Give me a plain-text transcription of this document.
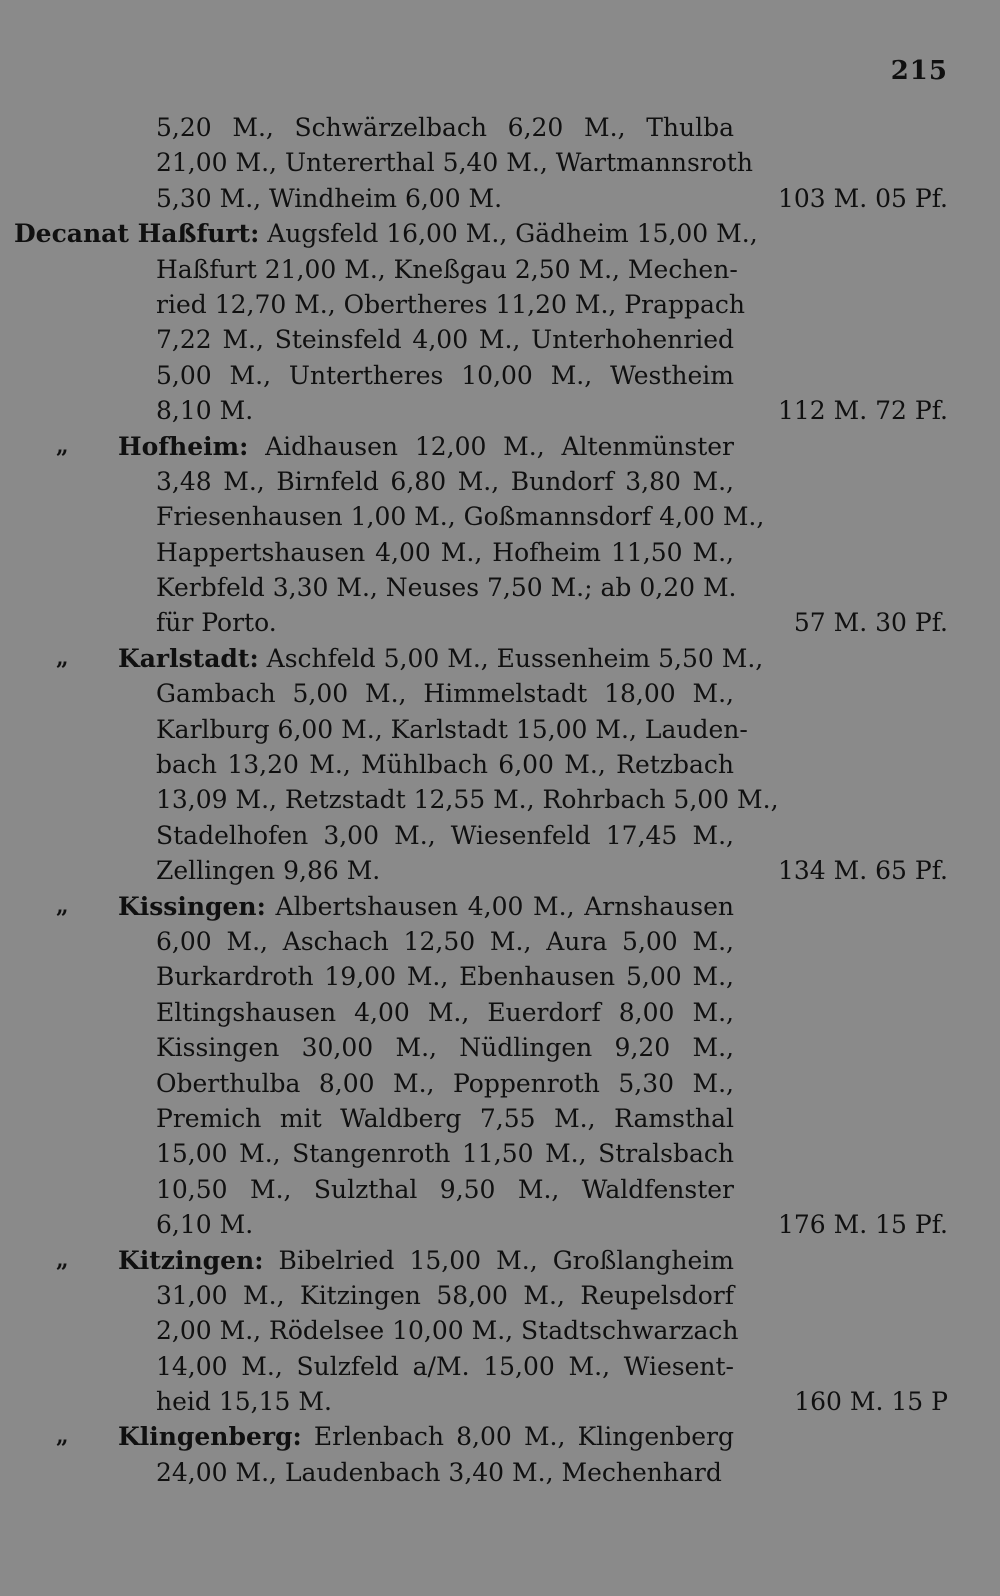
215
5,20 M., Schwärzelbach 6,20 M., Thulba
21,00 M., Untererthal 5,40 M., Wartmannsroth
5,30 M., Windheim 6,00 M.	103 M. 05 Pf.
Decanat Haßfurt: Augsfeld 16,00 M., Gädheim 15,00 M.,
Haßfurt 21,00 M., Kneßgau 2,50 M., Mechen-
ried 12,70 M., Obertheres 11,20 M., Prappach
7,22 M., Steinsfeld 4,00 M., Unterhohenried
5,00 M., Untertheres 10,00 M., Westheim
8,10 M.	112 M. 72 Pf.
„ Hofheim: Aidhausen 12,00 M., Altenmünster
3,48 M., Birnfeld 6,80 M., Bundorf 3,80 M.,
Friesenhausen 1,00 M., Goßmannsdorf 4,00 M.,
Happertshausen 4,00 M., Hofheim 11,50 M.,
Kerbfeld 3,30 M., Neuses 7,50 M.; ab 0,20 M.
für Porto.	57 M. 30 Pf.
„ Karlstadt: Aschfeld 5,00 M., Eussenheim 5,50 M.,
Gambach 5,00 M., Himmelstadt 18,00 M.,
Karlburg 6,00 M., Karlstadt 15,00 M., Lauden-
bach 13,20 M., Mühlbach 6,00 M., Retzbach
13,09 M., Retzstadt 12,55 M., Rohrbach 5,00 M.,
Stadelhofen 3,00 M., Wiesenfeld 17,45 M.,
Zellingen 9,86 M.	134 M. 65 Pf.
„ Kissingen: Albertshausen 4,00 M., Arnshausen
6,00 M., Aschach 12,50 M., Aura 5,00 M.,
Burkardroth 19,00 M., Ebenhausen 5,00 M.,
Eltingshausen 4,00 M., Euerdorf 8,00 M.,
Kissingen 30,00 M., Nüdlingen 9,20 M.,
Oberthulba 8,00 M., Poppenroth 5,30 M.,
Premich mit Waldberg 7,55 M., Ramsthal
15,00 M., Stangenroth 11,50 M., Stralsbach
10,50 M., Sulzthal 9,50 M., Waldfenster
6,10 M.	176 M. 15 Pf.
„ Kitzingen: Bibelried 15,00 M., Großlangheim
31,00 M., Kitzingen 58,00 M., Reupelsdorf
2,00 M., Rödelsee 10,00 M., Stadtschwarzach
14,00 M., Sulzfeld a/M. 15,00 M., Wiesent-
heid 15,15 M.	160 M. 15 P
„ Klingenberg: Erlenbach 8,00 M., Klingenberg
24,00 M., Laudenbach 3,40 M., Mechenhard
